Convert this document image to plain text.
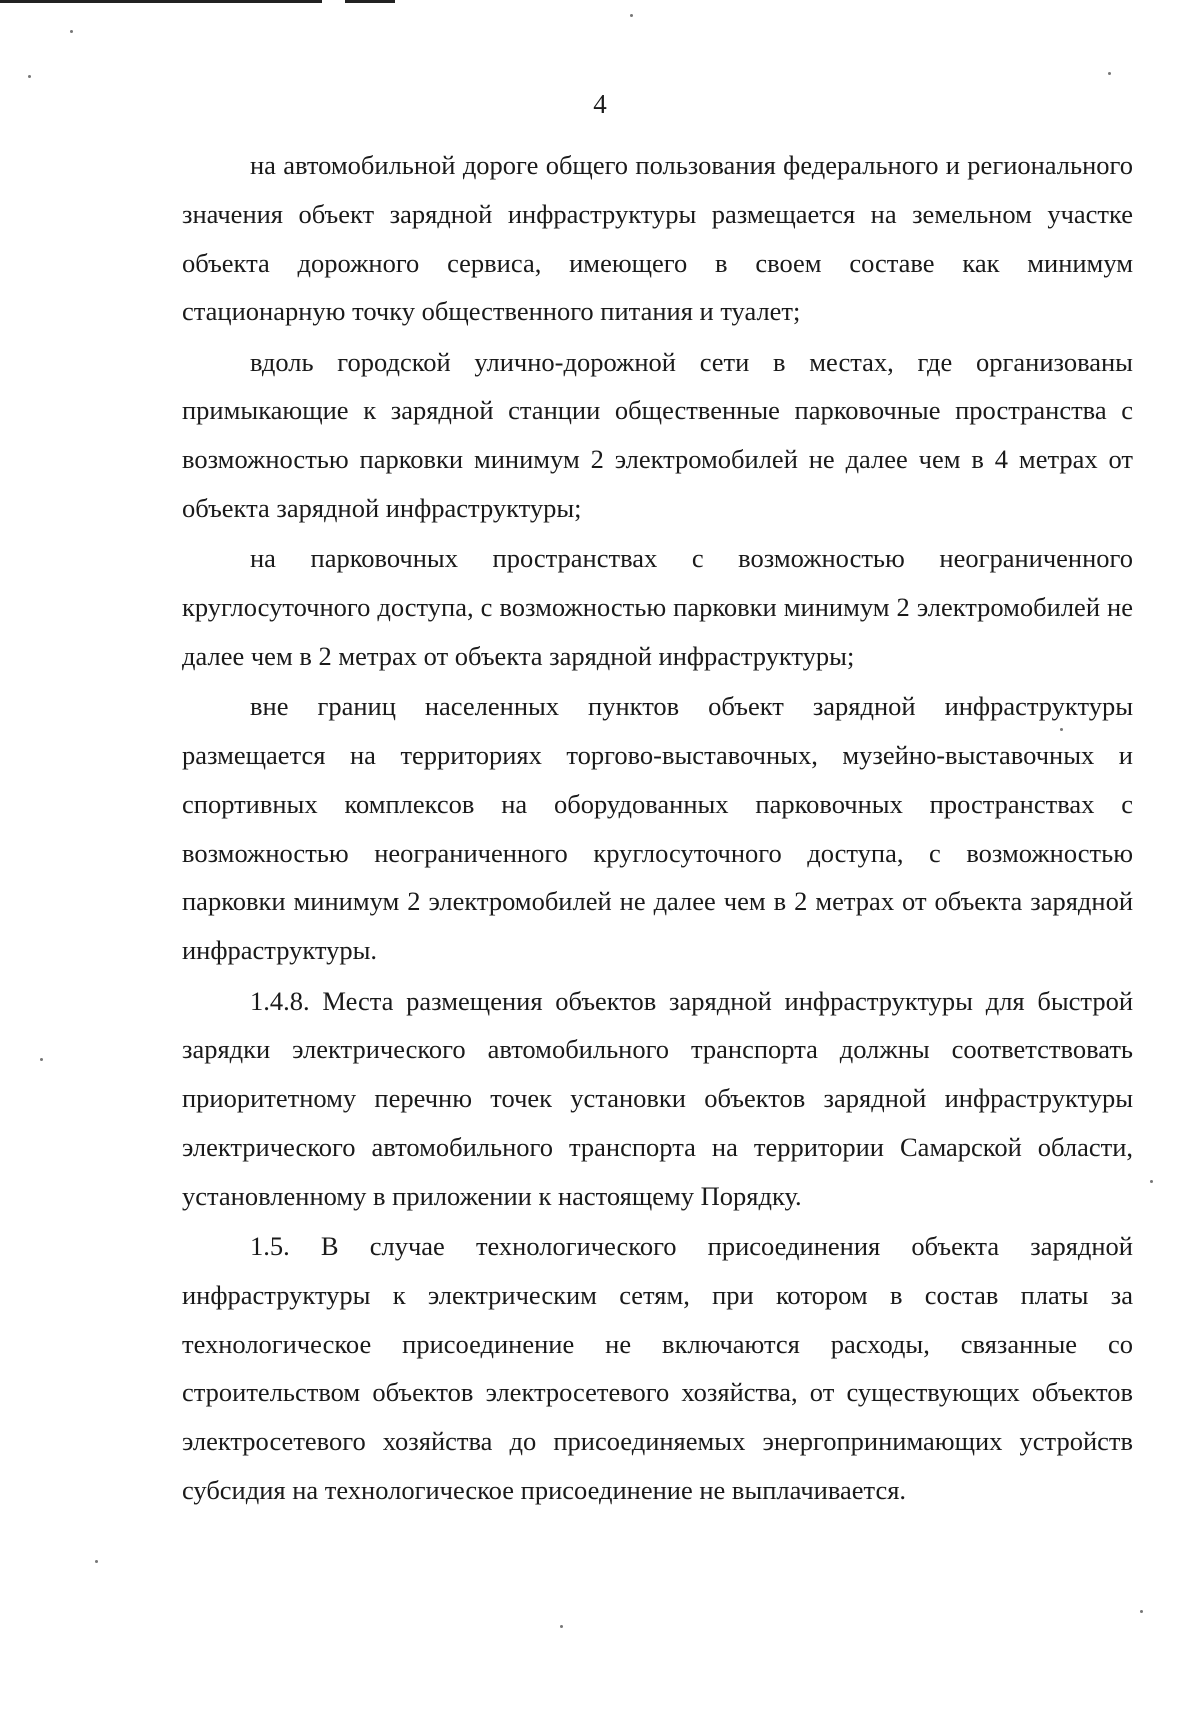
4

на автомобильной дороге общего пользования федерального и регионального значения объект зарядной инфраструктуры размещается на земельном участке объекта дорожного сервиса, имеющего в своем составе как минимум стационарную точку общественного питания и туалет;

вдоль городской улично-дорожной сети в местах, где организованы примыкающие к зарядной станции общественные парковочные пространства с возможностью парковки минимум 2 электромобилей не далее чем в 4 метрах от объекта зарядной инфраструктуры;

на парковочных пространствах с возможностью неограниченного круглосуточного доступа, с возможностью парковки минимум 2 электромобилей не далее чем в 2 метрах от объекта зарядной инфраструктуры;

вне границ населенных пунктов объект зарядной инфраструктуры размещается на территориях торгово-выставочных, музейно-выставочных и спортивных комплексов на оборудованных парковочных пространствах с возможностью неограниченного круглосуточного доступа, с возможностью парковки минимум 2 электромобилей не далее чем в 2 метрах от объекта зарядной инфраструктуры.

1.4.8. Места размещения объектов зарядной инфраструктуры для быстрой зарядки электрического автомобильного транспорта должны соответствовать приоритетному перечню точек установки объектов зарядной инфраструктуры электрического автомобильного транспорта на территории Самарской области, установленному в приложении к настоящему Порядку.

1.5. В случае технологического присоединения объекта зарядной инфраструктуры к электрическим сетям, при котором в состав платы за технологическое присоединение не включаются расходы, связанные со строительством объектов электросетевого хозяйства, от существующих объектов электросетевого хозяйства до присоединяемых энергопринимающих устройств субсидия на технологическое присоединение не выплачивается.
